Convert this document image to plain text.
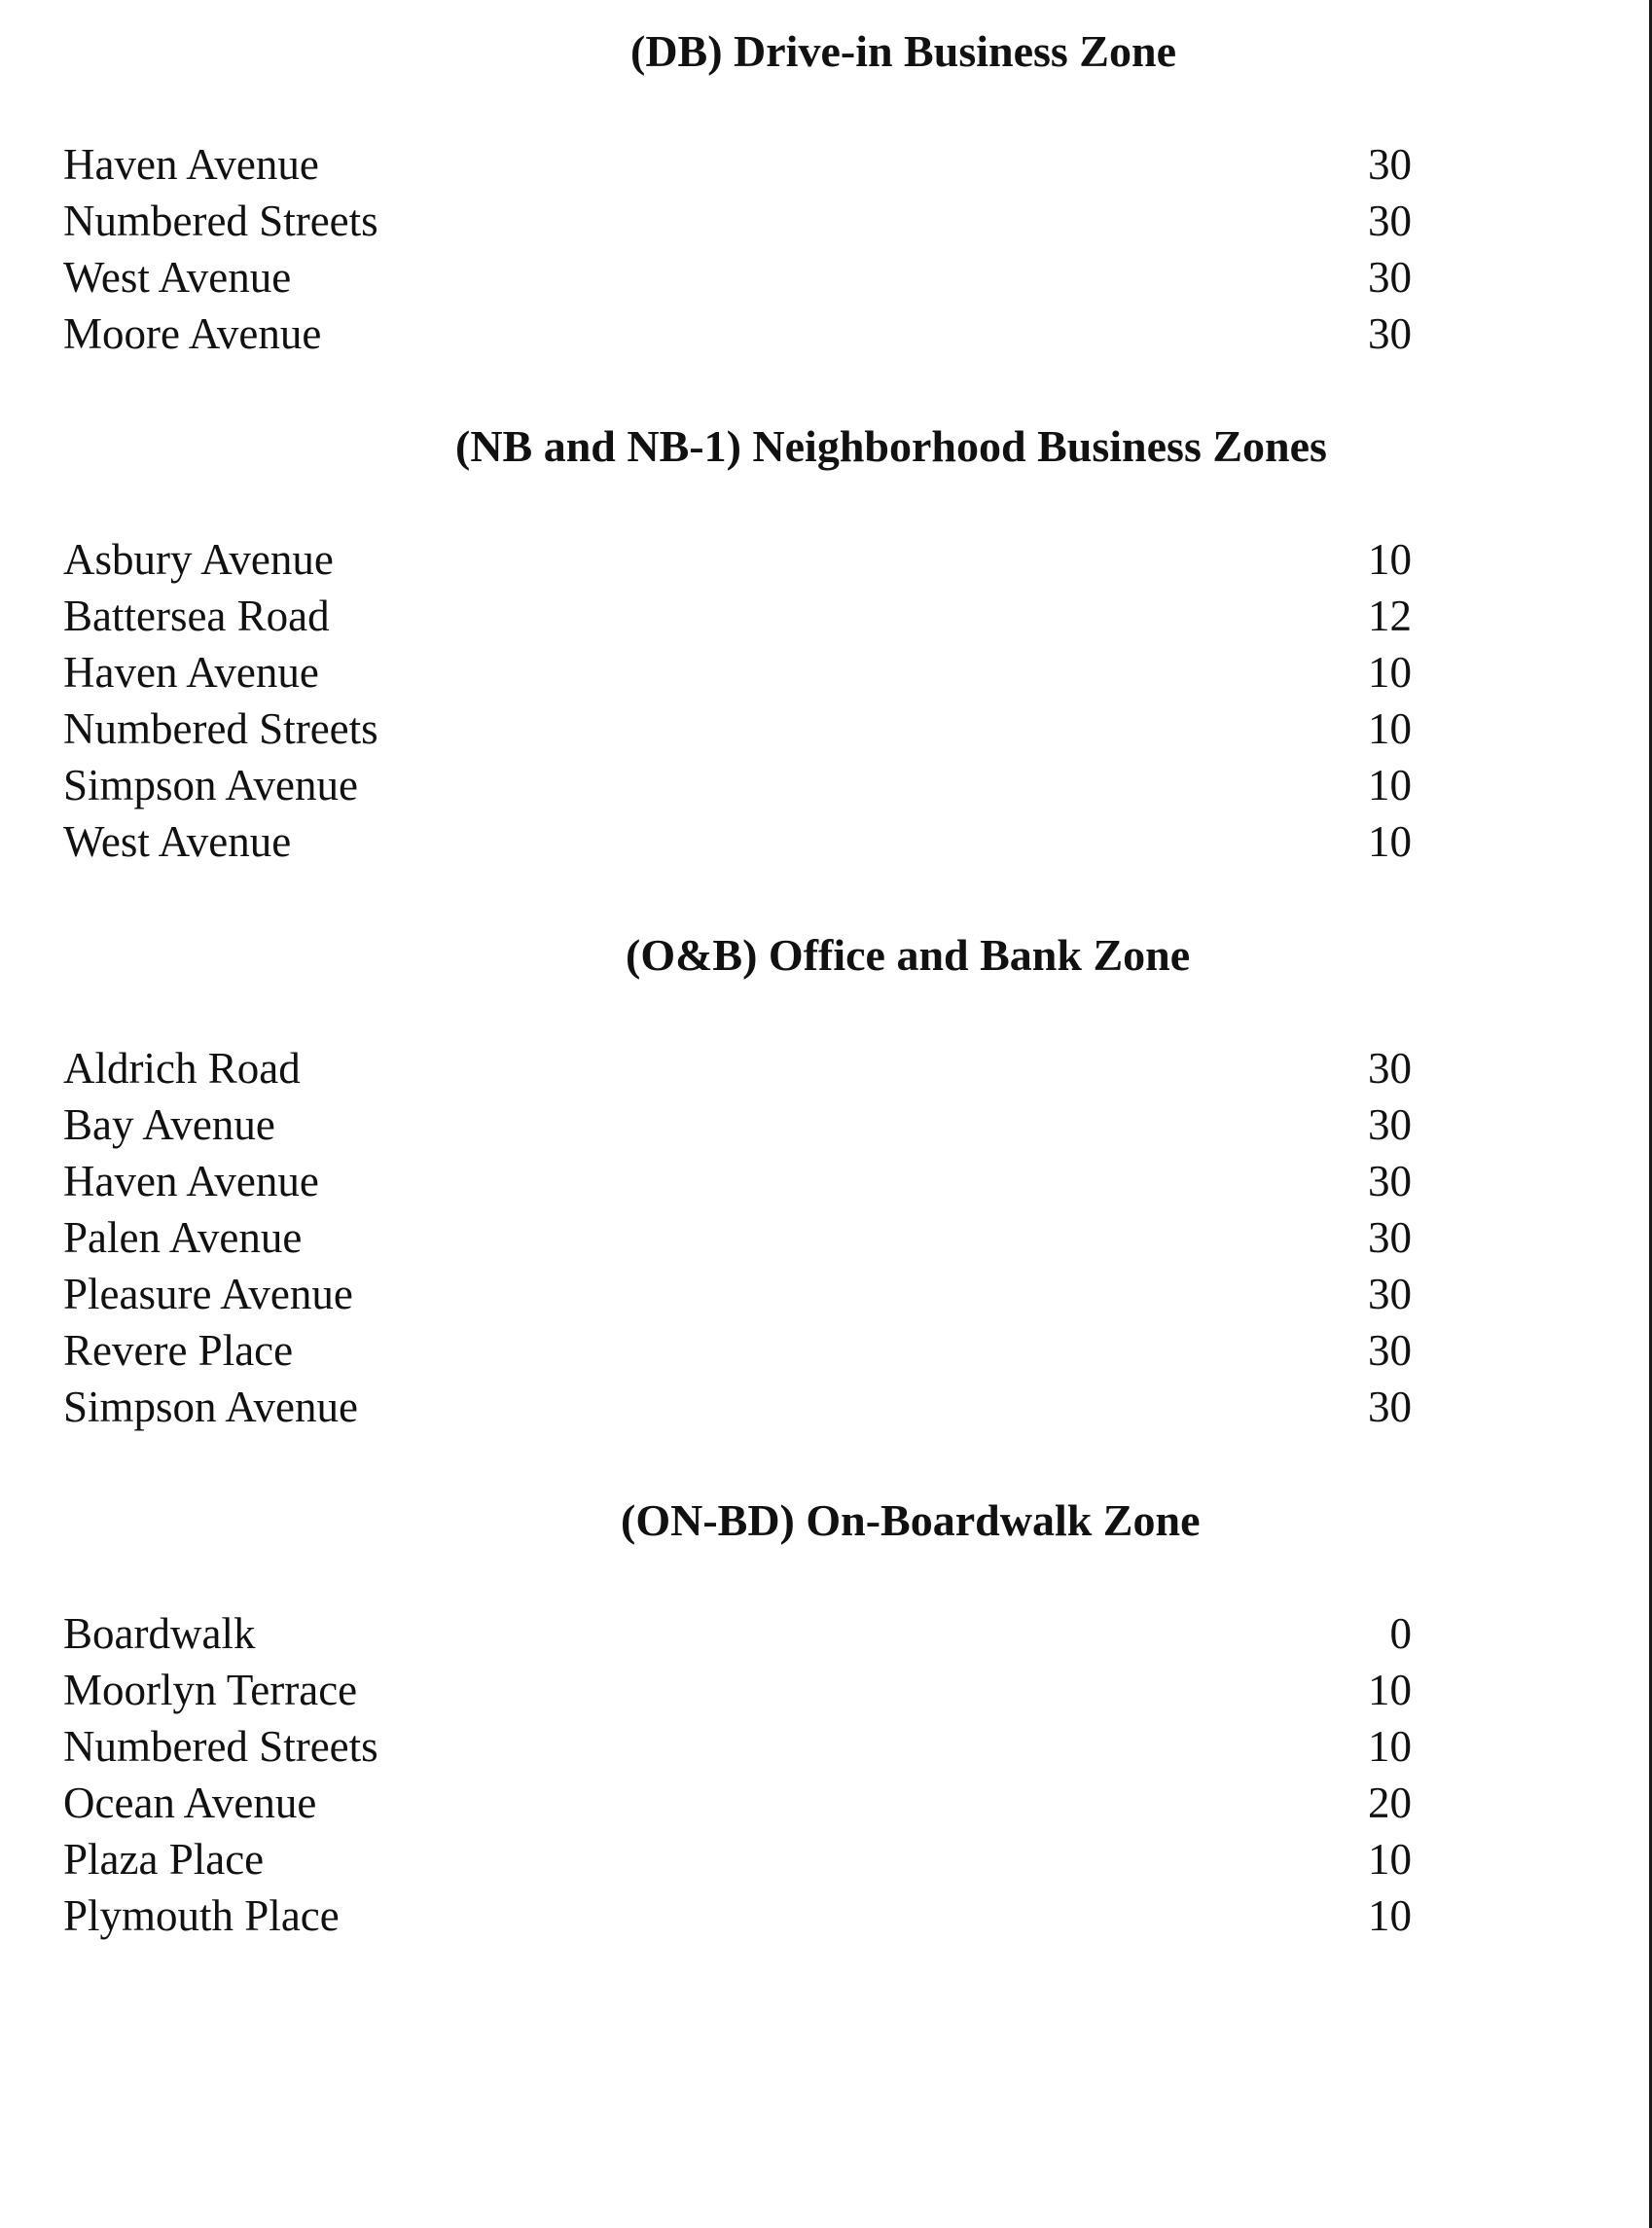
(DB) Drive-in Business Zone
Haven Avenue	30
Numbered Streets	30
West Avenue	30
Moore Avenue	30
(NB and NB-1) Neighborhood Business Zones
Asbury Avenue	10
Battersea Road	12
Haven Avenue	10
Numbered Streets	10
Simpson Avenue	10
West Avenue	10
(O&B) Office and Bank Zone
Aldrich Road	30
Bay Avenue	30
Haven Avenue	30
Palen Avenue	30
Pleasure Avenue	30
Revere Place	30
Simpson Avenue	30
(ON-BD) On-Boardwalk Zone
Boardwalk	0
Moorlyn Terrace	10
Numbered Streets	10
Ocean Avenue	20
Plaza Place	10
Plymouth Place	10
